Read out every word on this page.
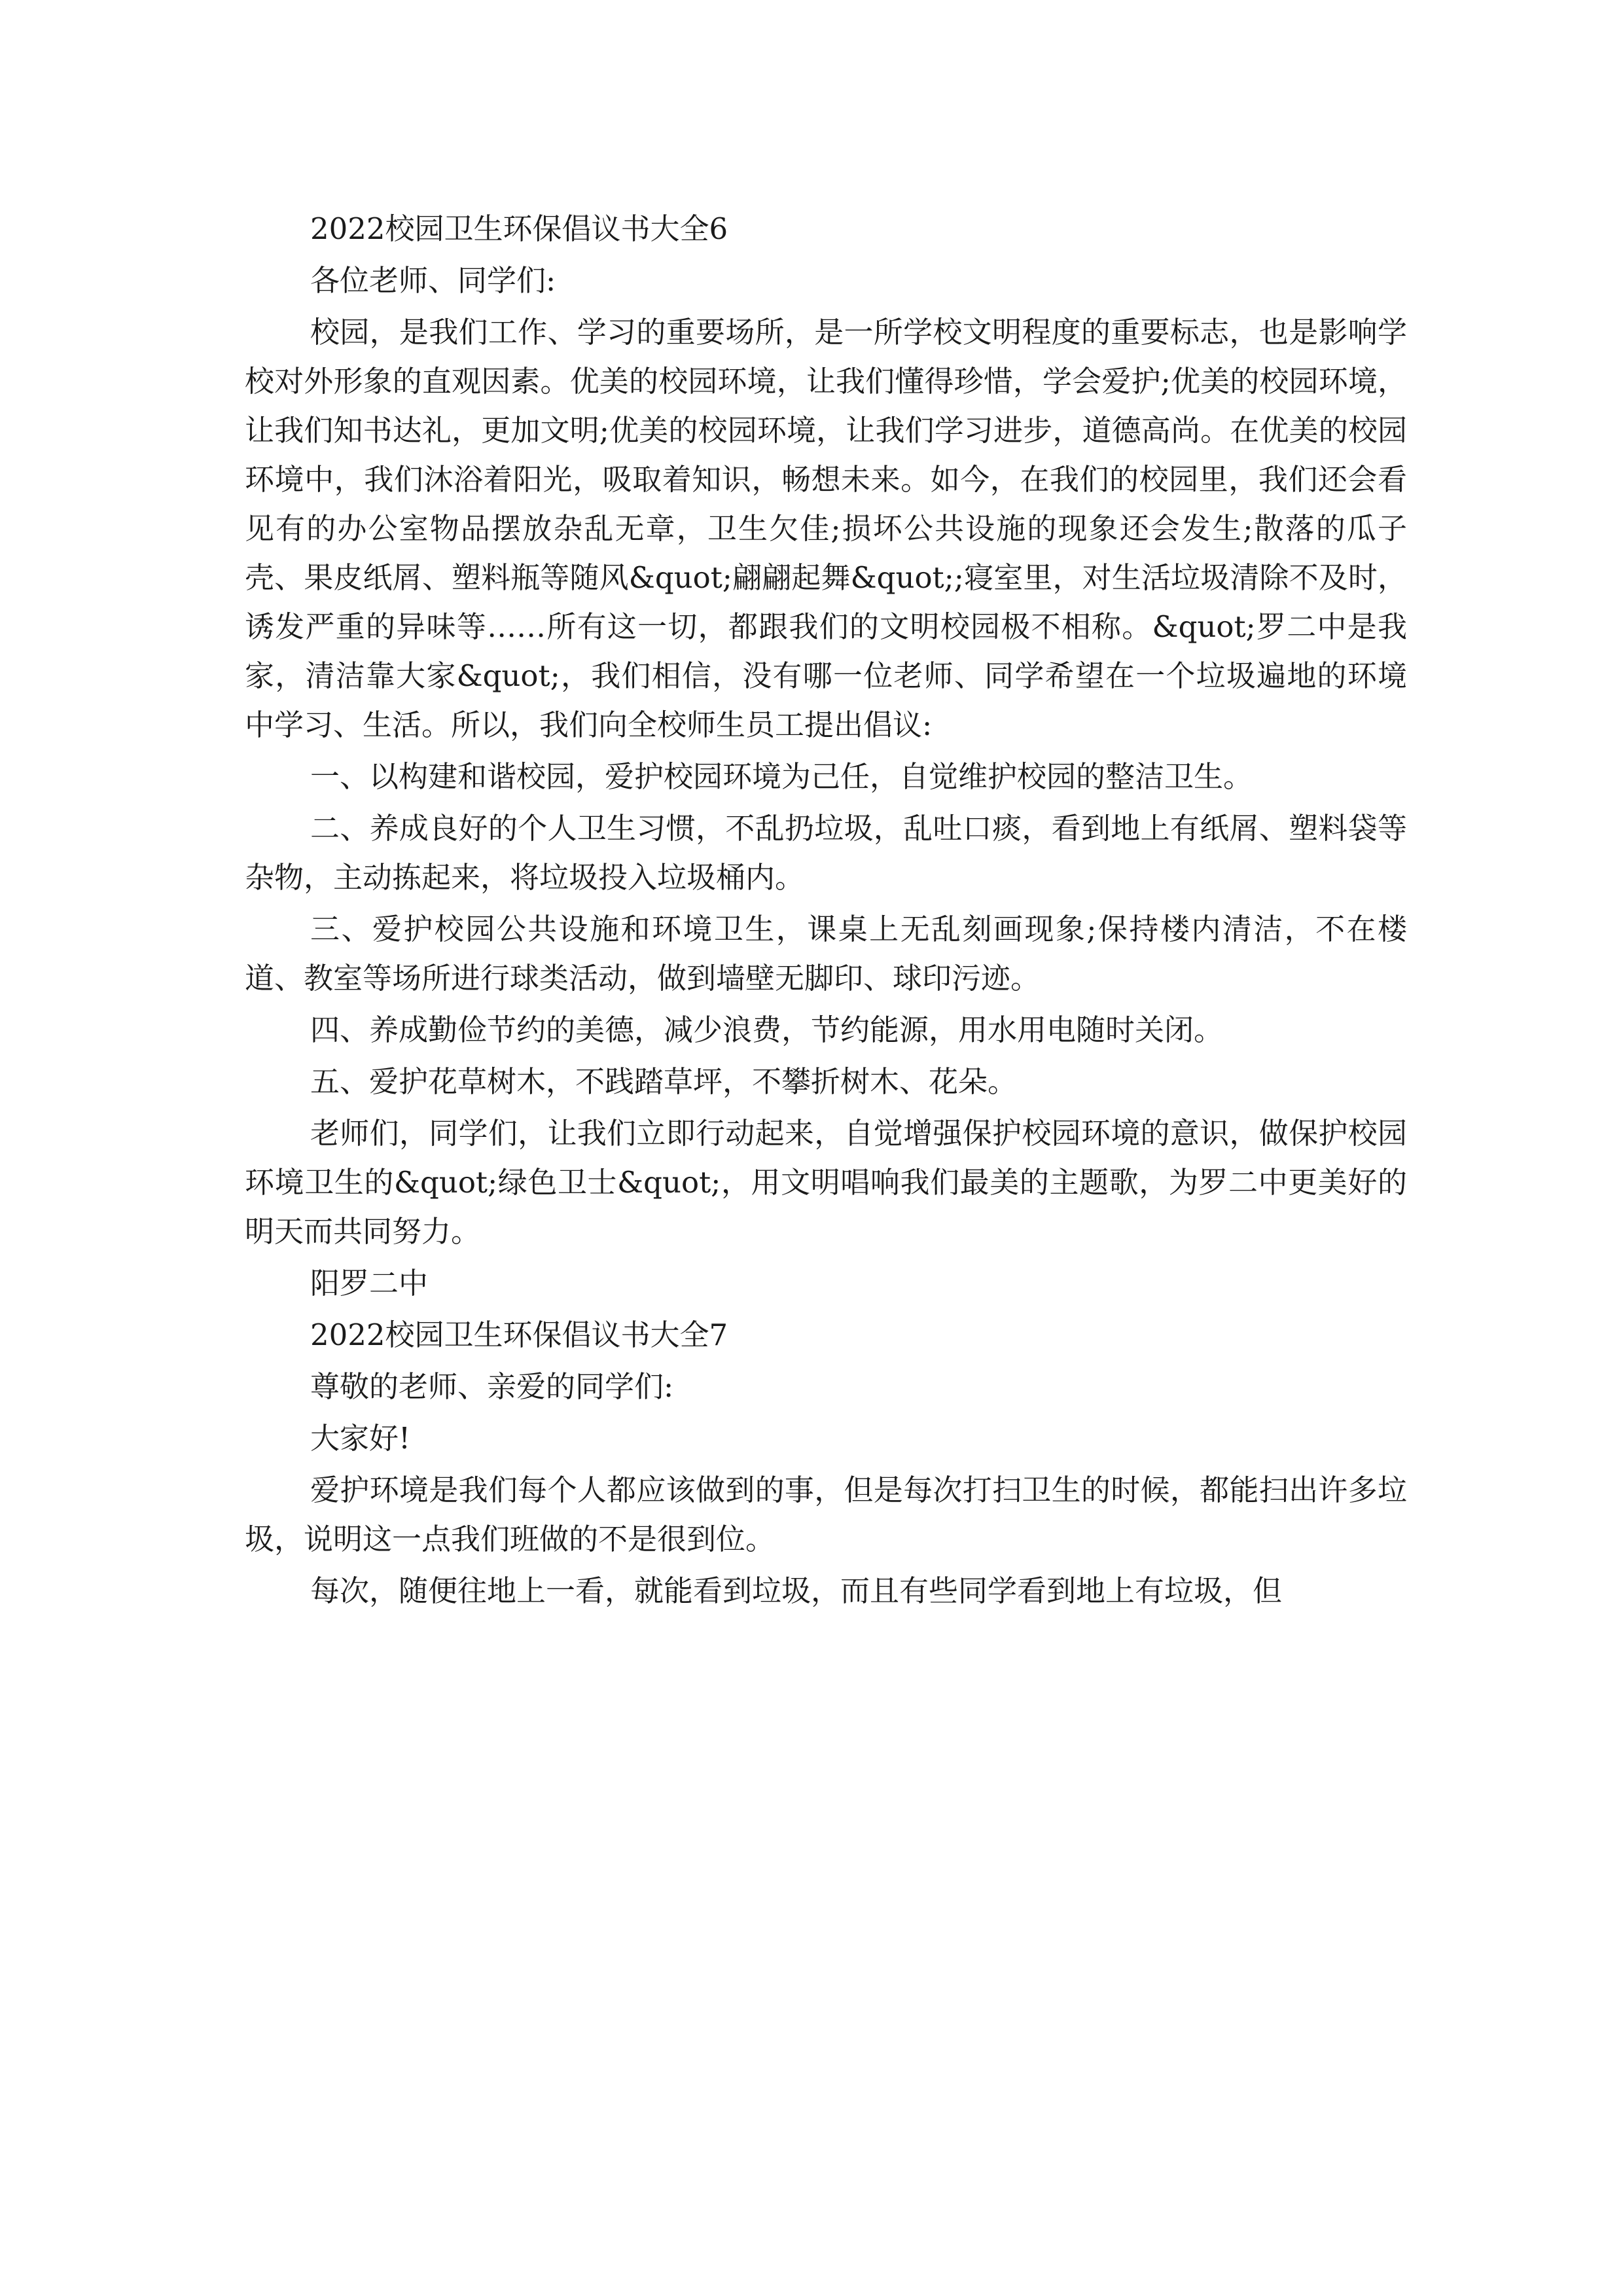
2022校园卫生环保倡议书大全6

各位老师、同学们:

校园，是我们工作、学习的重要场所，是一所学校文明程度的重要标志，也是影响学校对外形象的直观因素。优美的校园环境，让我们懂得珍惜，学会爱护;优美的校园环境，让我们知书达礼，更加文明;优美的校园环境，让我们学习进步，道德高尚。在优美的校园环境中，我们沐浴着阳光，吸取着知识，畅想未来。如今，在我们的校园里，我们还会看见有的办公室物品摆放杂乱无章，卫生欠佳;损坏公共设施的现象还会发生;散落的瓜子壳、果皮纸屑、塑料瓶等随风&quot;翩翩起舞&quot;;寝室里，对生活垃圾清除不及时，诱发严重的异味等……所有这一切，都跟我们的文明校园极不相称。&quot;罗二中是我家，清洁靠大家&quot;，我们相信，没有哪一位老师、同学希望在一个垃圾遍地的环境中学习、生活。所以，我们向全校师生员工提出倡议:

一、以构建和谐校园，爱护校园环境为己任，自觉维护校园的整洁卫生。

二、养成良好的个人卫生习惯，不乱扔垃圾，乱吐口痰，看到地上有纸屑、塑料袋等杂物，主动拣起来，将垃圾投入垃圾桶内。

三、爱护校园公共设施和环境卫生，课桌上无乱刻画现象;保持楼内清洁，不在楼道、教室等场所进行球类活动，做到墙壁无脚印、球印污迹。

四、养成勤俭节约的美德，减少浪费，节约能源，用水用电随时关闭。

五、爱护花草树木，不践踏草坪，不攀折树木、花朵。

老师们，同学们，让我们立即行动起来，自觉增强保护校园环境的意识，做保护校园环境卫生的&quot;绿色卫士&quot;，用文明唱响我们最美的主题歌，为罗二中更美好的明天而共同努力。

阳罗二中

2022校园卫生环保倡议书大全7

尊敬的老师、亲爱的同学们:

大家好!

爱护环境是我们每个人都应该做到的事，但是每次打扫卫生的时候，都能扫出许多垃圾，说明这一点我们班做的不是很到位。

每次，随便往地上一看，就能看到垃圾，而且有些同学看到地上有垃圾，但
